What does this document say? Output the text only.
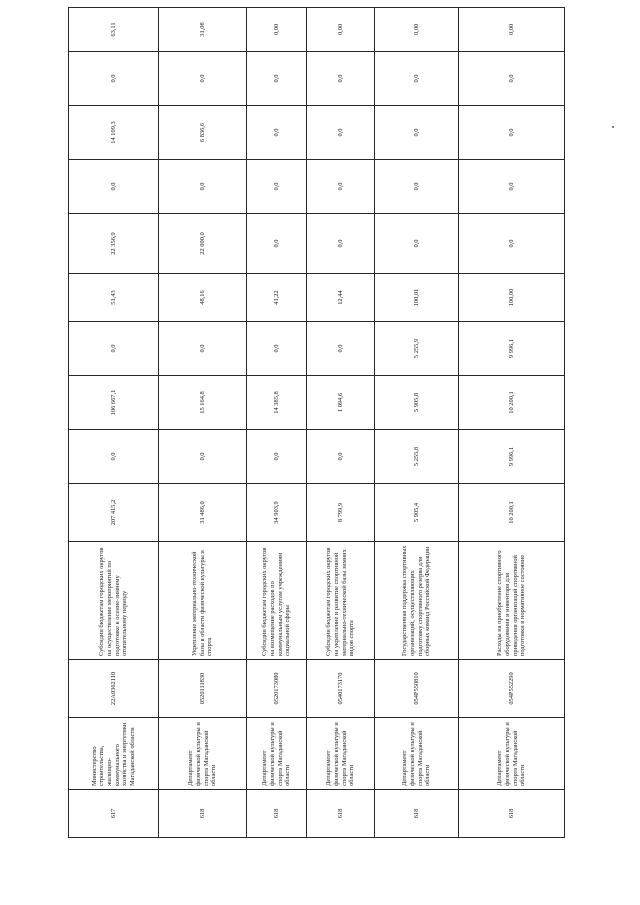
617	Министерство строительства, жилищно-коммунального хозяйства и энергетики Магаданской области	22А0362110	Субсидии бюджетам городских округов на осуществление мероприятий по подготовке к осенне-зимнему отопительному периоду	207 415,2	0,0	106 667,1	0,0	51,43	22 356,9	0,0	14 109,3	0,0	63,11
618	Департамент физической культуры и спорта Магаданской области	0520111830	Укрепление материально-технической базы в области физической культуры и спорта	31 486,0	0,0	15 164,8	0,0	48,16	22 000,0	0,0	6 836,6	0,0	31,08
618	Департамент физической культуры и спорта Магаданской области	0520173080	Субсидии бюджетам городских округов на возмещение расходов по коммунальным услугам учреждениям социальной сферы	34 903,9	0,0	14 385,8	0,0	41,22	0,0	0,0	0,0	0,0	0,00
618	Департамент физической культуры и спорта Магаданской области	0540173170	Субсидии бюджетам городских округов на укрепление и развитие спортивной материально-технической базы зимних видов спорта	8 799,9	0,0	1 094,6	0,0	12,44	0,0	0,0	0,0	0,0	0,00
618	Департамент физической культуры и спорта Магаданской области	054Р550810	Государственная поддержка спортивных организаций, осуществляющих подготовку спортивного резерва для сборных команд Российской Федерации	5 905,4	5 255,8	5 905,8	5 255,9	100,01	0,0	0,0	0,0	0,0	0,00
618	Департамент физической культуры и спорта Магаданской области	054Р552290	Расходы на приобретение спортивного оборудования и инвентаря для приведения организаций спортивной подготовки в нормативное состояние	10 200,1	9 996,1	10 200,1	9 996,1	100,00	0,0	0,0	0,0	0,0	0,00
